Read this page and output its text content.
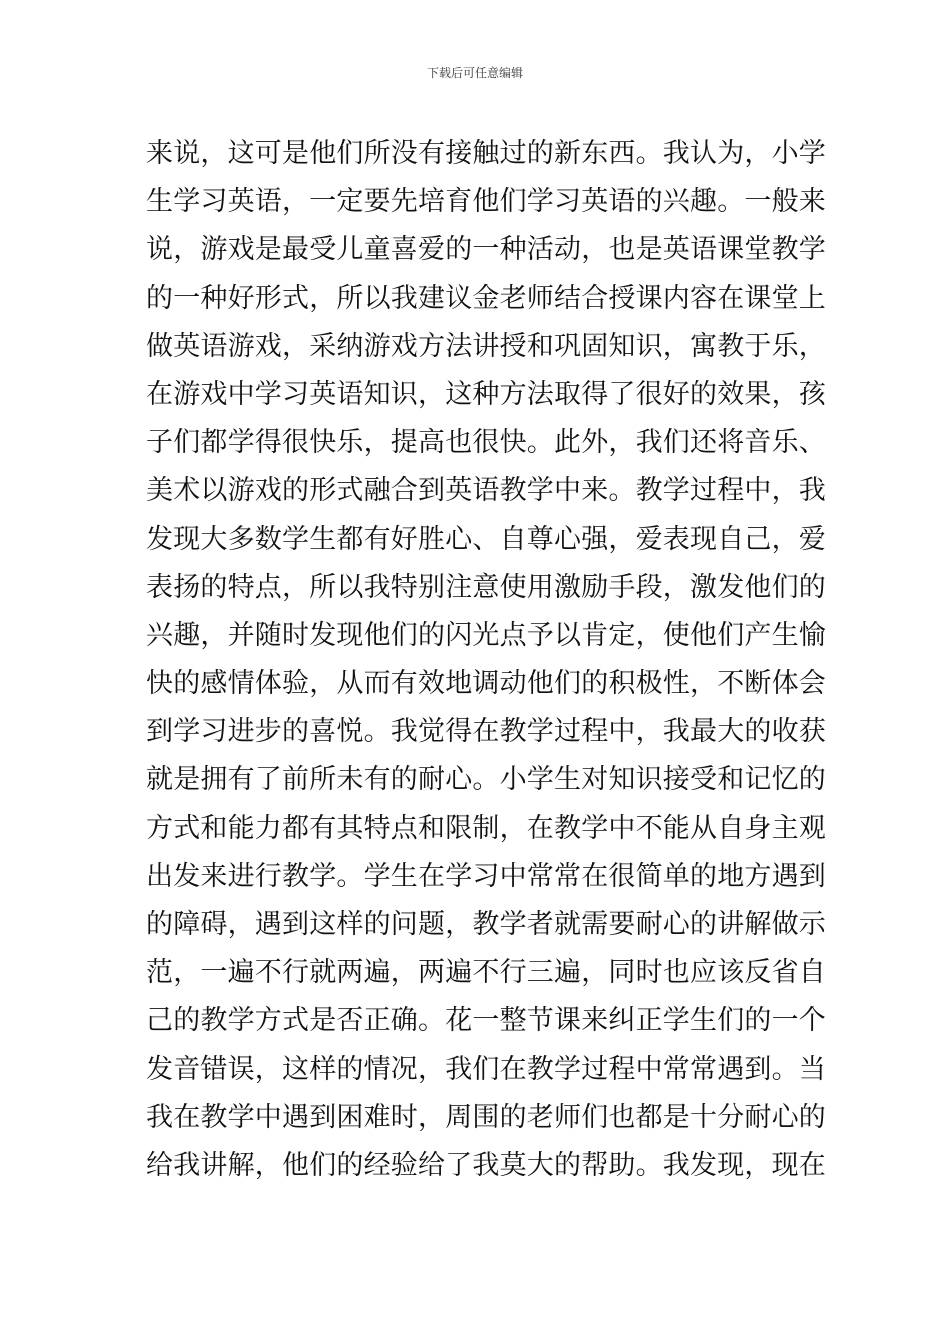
下载后可任意编辑
来说，这可是他们所没有接触过的新东西。我认为，小学
生学习英语，一定要先培育他们学习英语的兴趣。一般来
说，游戏是最受儿童喜爱的一种活动，也是英语课堂教学
的一种好形式，所以我建议金老师结合授课内容在课堂上
做英语游戏，采纳游戏方法讲授和巩固知识，寓教于乐，
在游戏中学习英语知识，这种方法取得了很好的效果，孩
子们都学得很快乐，提高也很快。此外，我们还将音乐、
美术以游戏的形式融合到英语教学中来。教学过程中，我
发现大多数学生都有好胜心、自尊心强，爱表现自己，爱
表扬的特点，所以我特别注意使用激励手段，激发他们的
兴趣，并随时发现他们的闪光点予以肯定，使他们产生愉
快的感情体验，从而有效地调动他们的积极性，不断体会
到学习进步的喜悦。我觉得在教学过程中，我最大的收获
就是拥有了前所未有的耐心。小学生对知识接受和记忆的
方式和能力都有其特点和限制，在教学中不能从自身主观
出发来进行教学。学生在学习中常常在很简单的地方遇到
的障碍，遇到这样的问题，教学者就需要耐心的讲解做示
范，一遍不行就两遍，两遍不行三遍，同时也应该反省自
己的教学方式是否正确。花一整节课来纠正学生们的一个
发音错误，这样的情况，我们在教学过程中常常遇到。当
我在教学中遇到困难时，周围的老师们也都是十分耐心的
给我讲解，他们的经验给了我莫大的帮助。我发现，现在
